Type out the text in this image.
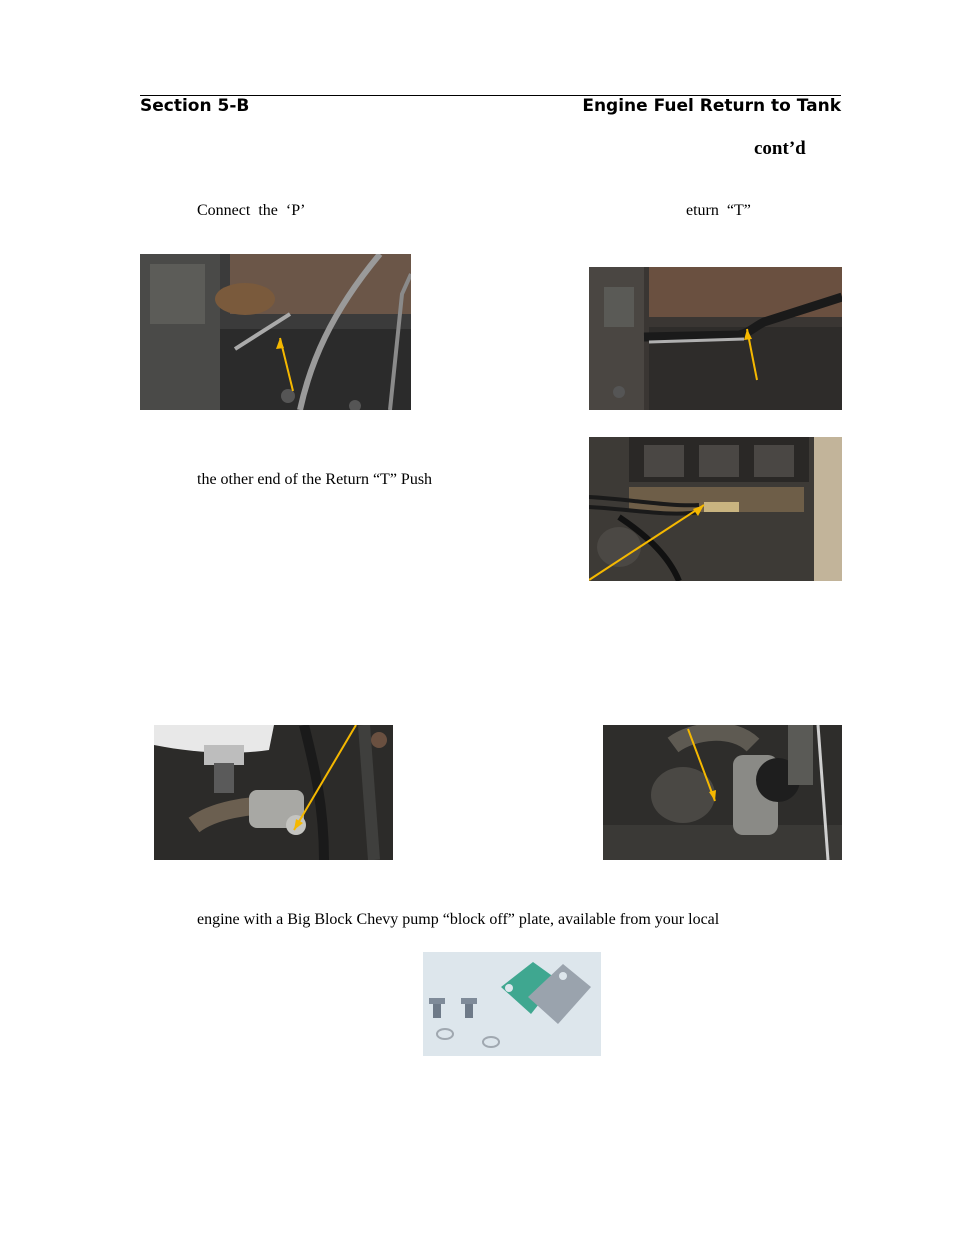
Section 5-B	Engine Fuel Return to Tank
cont’d
Connect  the  ‘P’	eturn  “T”
the other end of the Return “T” Push
engine with a Big Block Chevy pump “block off” plate, available from your local
